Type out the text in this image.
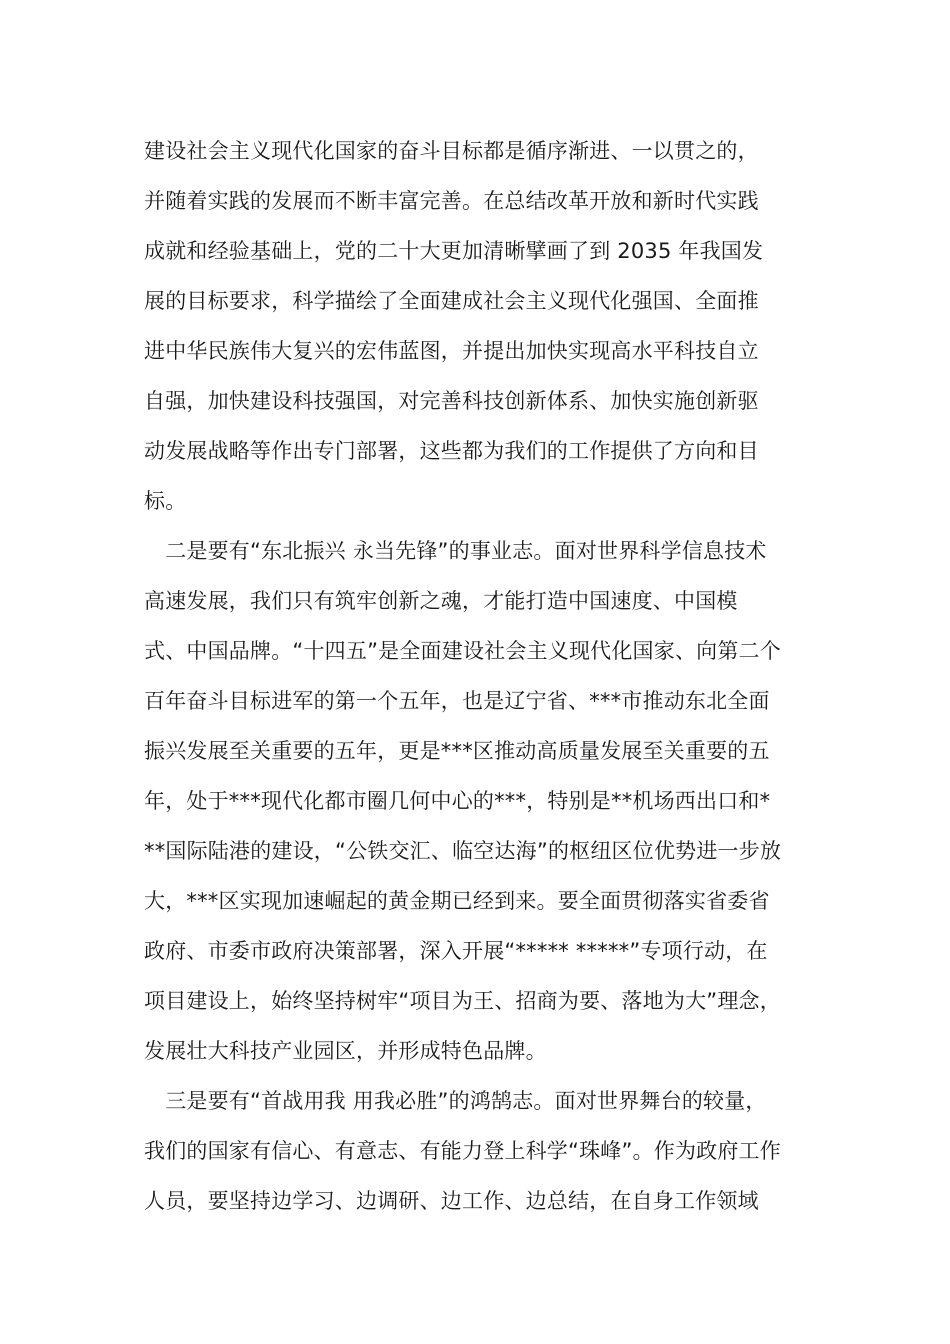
建设社会主义现代化国家的奋斗目标都是循序渐进、一以贯之的，
并随着实践的发展而不断丰富完善。在总结改革开放和新时代实践
成就和经验基础上，党的二十大更加清晰擘画了到 2035 年我国发
展的目标要求，科学描绘了全面建成社会主义现代化强国、全面推
进中华民族伟大复兴的宏伟蓝图，并提出加快实现高水平科技自立
自强，加快建设科技强国，对完善科技创新体系、加快实施创新驱
动发展战略等作出专门部署，这些都为我们的工作提供了方向和目
标。
　二是要有“东北振兴 永当先锋”的事业志。面对世界科学信息技术
高速发展，我们只有筑牢创新之魂，才能打造中国速度、中国模
式、中国品牌。“十四五”是全面建设社会主义现代化国家、向第二个
百年奋斗目标进军的第一个五年，也是辽宁省、***市推动东北全面
振兴发展至关重要的五年，更是***区推动高质量发展至关重要的五
年，处于***现代化都市圈几何中心的***，特别是**机场西出口和*
**国际陆港的建设，“公铁交汇、临空达海”的枢纽区位优势进一步放
大，***区实现加速崛起的黄金期已经到来。要全面贯彻落实省委省
政府、市委市政府决策部署，深入开展“***** *****”专项行动，在
项目建设上，始终坚持树牢“项目为王、招商为要、落地为大”理念，
发展壮大科技产业园区，并形成特色品牌。
　三是要有“首战用我 用我必胜”的鸿鹄志。面对世界舞台的较量，
我们的国家有信心、有意志、有能力登上科学“珠峰”。作为政府工作
人员，要坚持边学习、边调研、边工作、边总结，在自身工作领域
